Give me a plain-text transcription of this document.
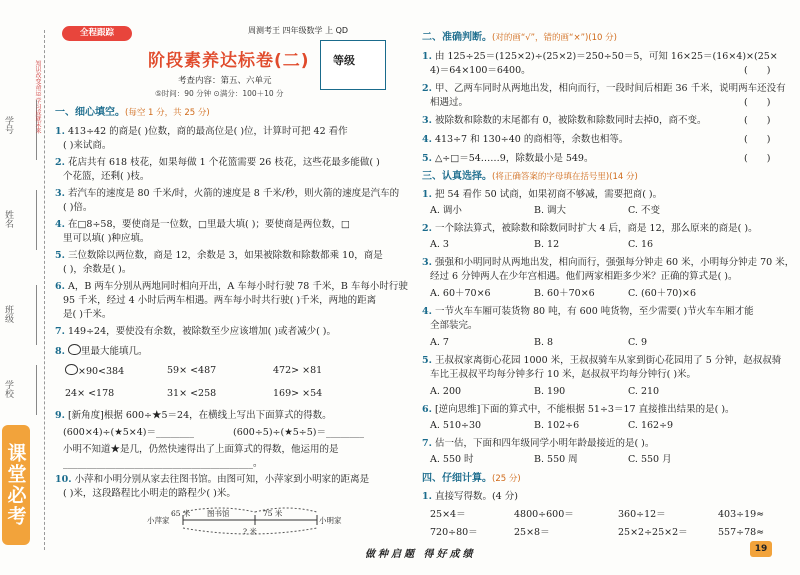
学号
姓名
班级
学校
知识改变命运 学习成就未来
课堂必考
全程跟踪	周测考王 四年级数学 上 QD
阶段素养达标卷(二) 等级
考查内容：第五、六单元
⑤时间：90 分钟 ⊙满分：100＋10 分
一、细心填空。(每空 1 分，共 25 分)
1. 413÷42 的商是( )位数，商的最高位是( )位，计算时可把 42 看作
( )来试商。
2. 花店共有 618 枝花，如果每做 1 个花篮需要 26 枝花，这些花最多能做( )
个花篮，还剩( )枝。
3. 若汽车的速度是 80 千米/时，火箭的速度是 8 千米/秒，则火箭的速度是汽车的
( )倍。
4. 在□8÷58，要使商是一位数，□里最大填( )；要使商是两位数，□
里可以填( )种应填。
5. 三位数除以两位数，商是 12，余数是 3，如果被除数和除数都乘 10，商是
( )，余数是( )。
6. A，B 两车分别从两地同时相向开出，A 车每小时行驶 78 千米，B 车每小时行驶
95 千米，经过 4 小时后两车相遇。两车每小时共行驶( )千米，两地的距离
是( )千米。
7. 149÷24，要使没有余数，被除数至少应该增加( )或者减少( )。
8. 里最大能填几。
×90<384	59× <487	472> ×81
24× <178	31× <258	169> ×54
9. [新角度]根据 600÷★5＝24，在横线上写出下面算式的得数。
(600×4)÷(★5×4)＝________	(600÷5)÷(★5÷5)＝________
小明不知道★是几，仍然快速得出了上面算式的得数，他运用的是
________________________________________。
10. 小萍和小明分别从家去往图书馆。由图可知，小萍家到小明家的距离是
( )米，这段路程比小明走的路程少( )米。
65 米 图书馆	75 米
小萍家	小明家
? 米
二、准确判断。(对的画“√”，错的画“×”)(10 分)
1. 由 125÷25＝(125×2)÷(25×2)＝250÷50＝5，可知 16×25＝(16×4)×(25×
4)＝64×100＝6400。	(　　)
2. 甲、乙两车同时从两地出发，相向而行，一段时间后相距 36 千米，说明两车还没有
相遇过。	(　　)
3. 被除数和除数的末尾都有 0，被除数和除数同时去掉0，商不变。	(　　)
4. 413÷7 和 130÷40 的商相等，余数也相等。	(　　)
5. △÷□＝54……9，除数最小是 549。	(　　)
三、认真选择。(将正确答案的字母填在括号里)(14 分)
1. 把 54 看作 50 试商，如果初商不够减，需要把商( )。
A. 调小	B. 调大	C. 不变
2. 一个除法算式，被除数和除数同时扩大 4 后，商是 12，那么原来的商是( )。
A. 3	B. 12	C. 16
3. 强强和小明同时从两地出发，相向而行，强强每分钟走 60 米，小明每分钟走 70 米，
经过 6 分钟两人在少年宫相遇。他们两家相距多少米？正确的算式是( )。
A. 60＋70×6	B. 60＋70×6	C. (60＋70)×6
4. 一节火车车厢可装货物 80 吨，有 600 吨货物，至少需要( )节火车车厢才能
全部装完。
A. 7	B. 8	C. 9
5. 王叔叔家离街心花园 1000 米，王叔叔骑车从家到街心花园用了 5 分钟，赵叔叔骑
车比王叔叔平均每分钟多行 10 米，赵叔叔平均每分钟行( )米。
A. 200	B. 190	C. 210
6. [逆向思维]下面的算式中，不能根据 51÷3＝17 直接推出结果的是( )。
A. 510÷30	B. 102÷6	C. 162÷9
7. 估一估，下面和四年级同学小明年龄最接近的是( )。
A. 550 时	B. 550 周	C. 550 月
四、仔细计算。(25 分)
1. 直接写得数。(4 分)
25×4＝	4800÷600＝	360÷12＝	403÷19≈
720÷80＝	25×8＝	25×2÷25×2＝	557÷78≈
做种启题 得好成绩	19
